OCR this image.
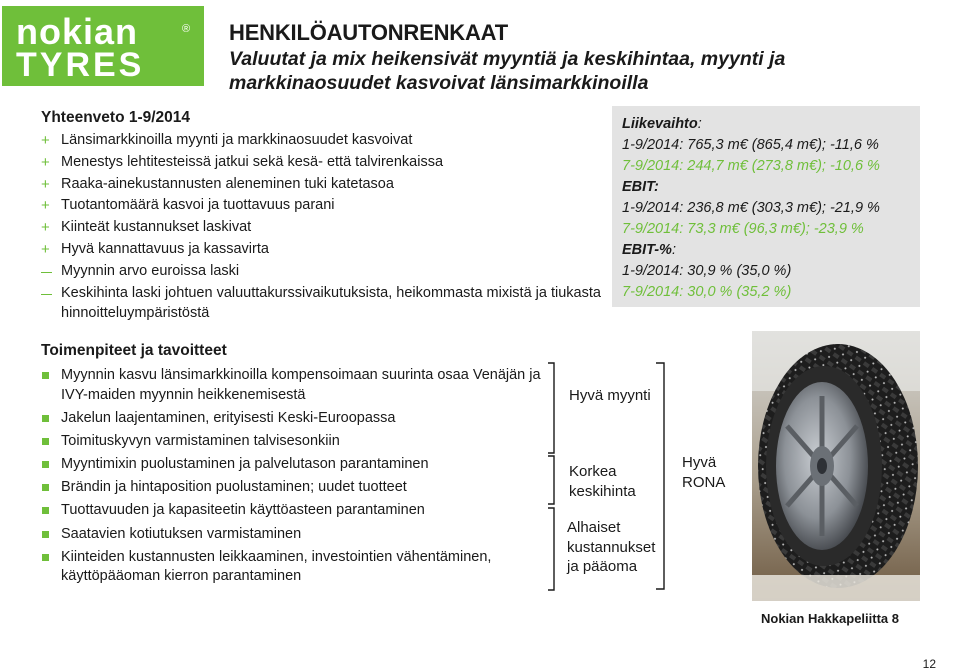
nokian
TYRES
® HENKILÖAUTONRENKAAT
Valuutat ja mix heikensivät myyntiä ja keskihintaa, myynti ja markkinaosuudet kasvoivat länsimarkkinoilla
Yhteenveto 1-9/2014
+ Länsimarkkinoilla myynti ja markkinaosuudet kasvoivat
+ Menestys lehtitesteissä jatkui sekä kesä- että talvirenkaissa
+ Raaka-ainekustannusten aleneminen tuki katetasoa
+ Tuotantomäärä kasvoi ja tuottavuus parani
+ Kiinteät kustannukset laskivat
+ Hyvä kannattavuus ja kassavirta
Myynnin arvo euroissa laski
Keskihinta laski johtuen valuuttakurssivaikutuksista, heikommasta mixistä ja tiukasta hinnoitteluympäristöstä
Liikevaihto:
1-9/2014: 765,3 m€ (865,4 m€); -11,6 %
7-9/2014: 244,7 m€ (273,8 m€); -10,6 %
EBIT:
1-9/2014: 236,8 m€ (303,3 m€); -21,9 %
7-9/2014: 73,3 m€ (96,3 m€); -23,9 %
EBIT-%:
1-9/2014: 30,9 % (35,0 %)
7-9/2014: 30,0 % (35,2 %)
Toimenpiteet ja tavoitteet
Myynnin kasvu länsimarkkinoilla kompensoimaan suurinta osaa Venäjän ja IVY-maiden myynnin heikkenemisestä
Jakelun laajentaminen, erityisesti Keski-Euroopassa
Toimituskyvyn varmistaminen talvisesonkiin
Myyntimixin puolustaminen ja palvelutason parantaminen
Brändin ja hintaposition puolustaminen; uudet tuotteet
Tuottavuuden ja kapasiteetin käyttöasteen parantaminen
Saatavien kotiutuksen varmistaminen
Kiinteiden kustannusten leikkaaminen, investointien vähentäminen, käyttöpääoman kierron parantaminen
Hyvä myynti
Korkea keskihinta
Alhaiset kustannukset ja pääoma
Hyvä RONA
Nokian Hakkapeliitta 8
12
